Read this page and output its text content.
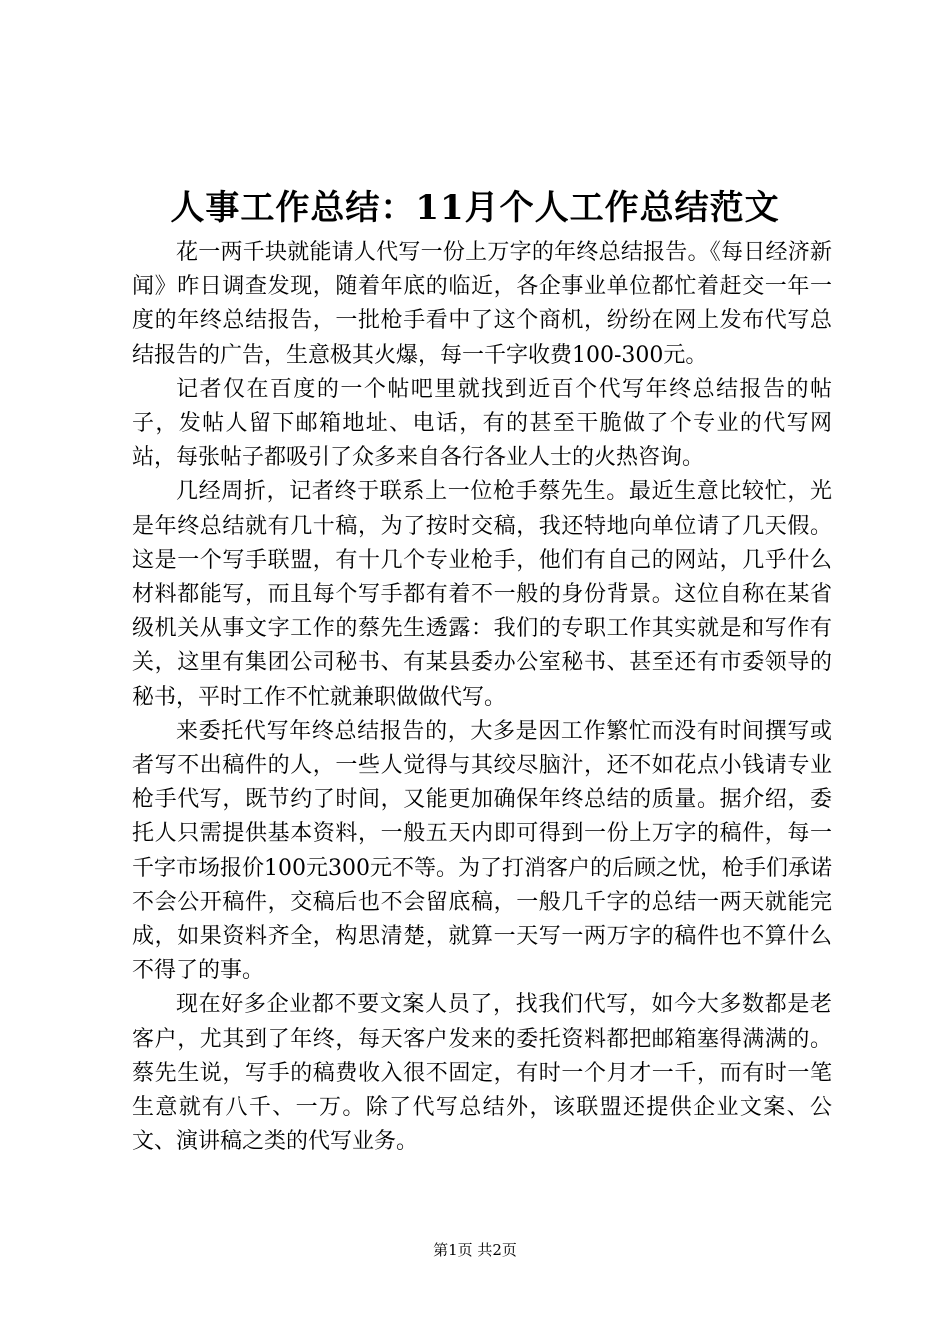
人事工作总结：11月个人工作总结范文

花一两千块就能请人代写一份上万字的年终总结报告。《每日经济新闻》昨日调查发现，随着年底的临近，各企事业单位都忙着赶交一年一度的年终总结报告，一批枪手看中了这个商机，纷纷在网上发布代写总结报告的广告，生意极其火爆，每一千字收费100-300元。

记者仅在百度的一个帖吧里就找到近百个代写年终总结报告的帖子，发帖人留下邮箱地址、电话，有的甚至干脆做了个专业的代写网站，每张帖子都吸引了众多来自各行各业人士的火热咨询。

几经周折，记者终于联系上一位枪手蔡先生。最近生意比较忙，光是年终总结就有几十稿，为了按时交稿，我还特地向单位请了几天假。这是一个写手联盟，有十几个专业枪手，他们有自己的网站，几乎什么材料都能写，而且每个写手都有着不一般的身份背景。这位自称在某省级机关从事文字工作的蔡先生透露：我们的专职工作其实就是和写作有关，这里有集团公司秘书、有某县委办公室秘书、甚至还有市委领导的秘书，平时工作不忙就兼职做做代写。

来委托代写年终总结报告的，大多是因工作繁忙而没有时间撰写或者写不出稿件的人，一些人觉得与其绞尽脑汁，还不如花点小钱请专业枪手代写，既节约了时间，又能更加确保年终总结的质量。据介绍，委托人只需提供基本资料，一般五天内即可得到一份上万字的稿件，每一千字市场报价100元300元不等。为了打消客户的后顾之忧，枪手们承诺不会公开稿件，交稿后也不会留底稿，一般几千字的总结一两天就能完成，如果资料齐全，构思清楚，就算一天写一两万字的稿件也不算什么不得了的事。

现在好多企业都不要文案人员了，找我们代写，如今大多数都是老客户，尤其到了年终，每天客户发来的委托资料都把邮箱塞得满满的。蔡先生说，写手的稿费收入很不固定，有时一个月才一千，而有时一笔生意就有八千、一万。除了代写总结外，该联盟还提供企业文案、公文、演讲稿之类的代写业务。

第1页 共2页
